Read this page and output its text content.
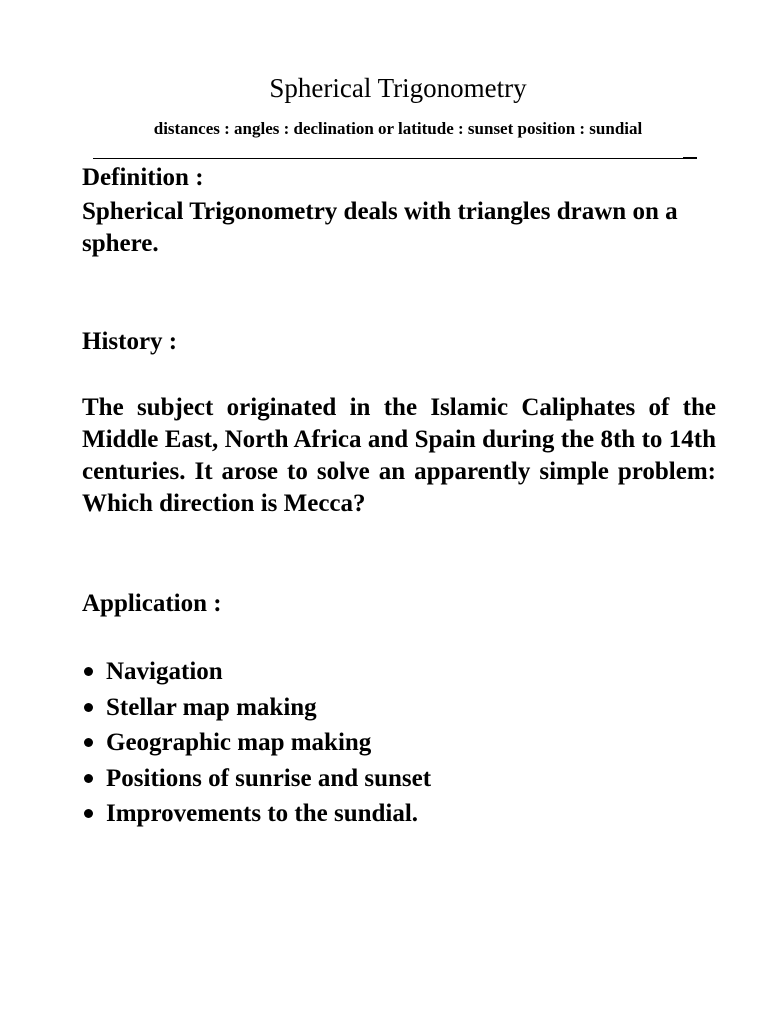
Spherical Trigonometry
distances : angles : declination or latitude : sunset position : sundial
Definition :
Spherical Trigonometry deals with triangles drawn on a sphere.
History :
The subject originated in the Islamic Caliphates of the Middle East, North Africa and Spain during the 8th to 14th centuries. It arose to solve an apparently simple problem: Which direction is Mecca?
Application :
Navigation
Stellar map making
Geographic map making
Positions of sunrise and sunset
Improvements to the sundial.
